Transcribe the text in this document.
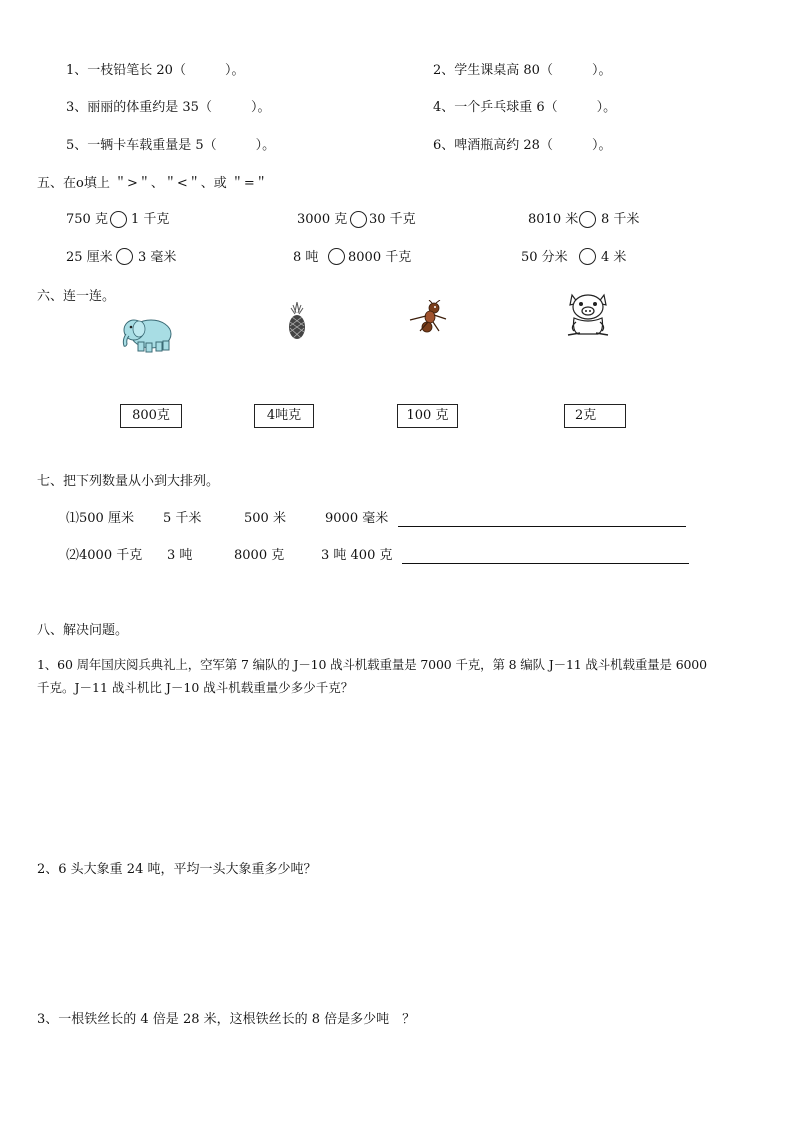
1、一枝铅笔长 20（　　　）。	2、学生课桌高 80（　　　）。
3、丽丽的体重约是 35（　　　）。	4、一个乒乓球重 6（　　　）。
5、一辆卡车载重量是 5（　　　）。	6、啤酒瓶高约 28（　　　）。
五、在o填上 ＂>＂、＂<＂、或 ＂=＂
750 克 1 千克	3000 克 30 千克	8010 米 8 千米
25 厘米 3 毫米	8 吨 8000 千克	50 分米	4 米
六、连一连。
800克	4吨克	100 克	2克
七、把下列数量从小到大排列。
⑴500 厘米 5 千米	500 米	9000 毫米
⑵4000 千克 3 吨	8000 克	3 吨 400 克
八、解决问题。
1、60 周年国庆阅兵典礼上，空军第 7 编队的 J－10 战斗机载重量是 7000 千克，第 8 编队 J－11 战斗机载重量是 6000
千克。J－11 战斗机比 J－10 战斗机载重量少多少千克？
2、6 头大象重 24 吨，平均一头大象重多少吨？
3、一根铁丝长的 4 倍是 28 米，这根铁丝长的 8 倍是多少吨　？
